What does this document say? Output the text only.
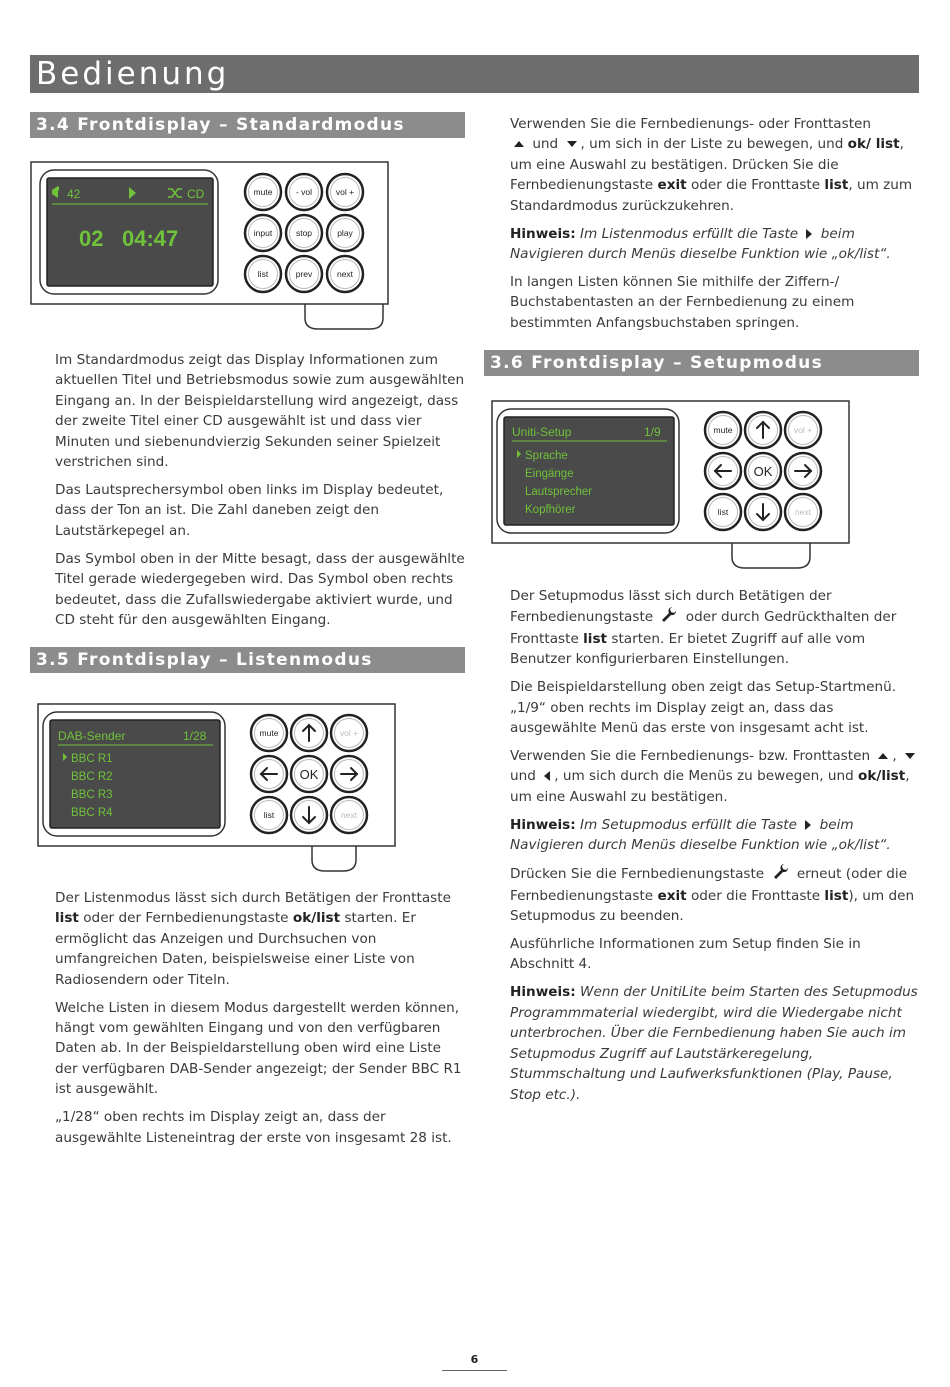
Bedienung
3.4 Frontdisplay – Standardmodus
3.5 Frontdisplay – Listenmodus
3.6 Frontdisplay – Setupmodus
42	CD
02 04:47
mute	- vol	vol +
input	stop	play
list	prev	next
DAB-Sender	1/28
BBC R1
BBC R2
BBC R3
BBC R4
mute	vol +
OK
list	next
Uniti-Setup	1/9
Sprache
Eingänge
Lautsprecher
Kopfhörer
mute	vol +
OK
list	next

Im Standardmodus zeigt das Display Informationen zum aktuellen Titel und Betriebsmodus sowie zum ausgewählten Eingang an. In der Beispieldarstellung wird angezeigt, dass der zweite Titel einer CD ausgewählt ist und dass vier Minuten und siebenundvierzig Sekunden seiner Spielzeit verstrichen sind.

Das Lautsprechersymbol oben links im Display bedeutet, dass der Ton an ist. Die Zahl daneben zeigt den Lautstärkepegel an.

Das Symbol oben in der Mitte besagt, dass der ausgewählte Titel gerade wiedergegeben wird. Das Symbol oben rechts bedeutet, dass die Zufallswiedergabe aktiviert wurde, und CD steht für den ausgewählten Eingang.

Der Listenmodus lässt sich durch Betätigen der Fronttaste list oder der Fernbedienungstaste ok/list starten. Er ermöglicht das Anzeigen und Durchsuchen von umfangreichen Daten, beispielsweise einer Liste von Radiosendern oder Titeln.

Welche Listen in diesem Modus dargestellt werden können, hängt vom gewählten Eingang und von den verfügbaren Daten ab. In der Beispieldarstellung oben wird eine Liste der verfügbaren DAB-Sender angezeigt; der Sender BBC R1 ist ausgewählt.

„1/28“ oben rechts im Display zeigt an, dass der ausgewählte Listeneintrag der erste von insgesamt 28 ist.

Verwenden Sie die Fernbedienungs- oder Fronttasten
und , um sich in der Liste zu bewegen, und ok/ list, um eine Auswahl zu bestätigen. Drücken Sie die Fernbedienungstaste exit oder die Fronttaste list, um zum Standardmodus zurückzukehren.

Hinweis: Im Listenmodus erfüllt die Taste  beim Navigieren durch Menüs dieselbe Funktion wie „ok/list“.

In langen Listen können Sie mithilfe der Ziffern-/ Buchstabentasten an der Fernbedienung zu einem bestimmten Anfangsbuchstaben springen.

Der Setupmodus lässt sich durch Betätigen der Fernbedienungstaste  oder durch Gedrückthalten der Fronttaste list starten. Er bietet Zugriff auf alle vom Benutzer konfigurierbaren Einstellungen.

Die Beispieldarstellung oben zeigt das Setup-Startmenü. „1/9“ oben rechts im Display zeigt an, dass das ausgewählte Menü das erste von insgesamt acht ist.

Verwenden Sie die Fernbedienungs- bzw. Fronttasten ,
und , um sich durch die Menüs zu bewegen, und ok/list, um eine Auswahl zu bestätigen.

Hinweis: Im Setupmodus erfüllt die Taste  beim Navigieren durch Menüs dieselbe Funktion wie „ok/list“.

Drücken Sie die Fernbedienungstaste  erneut (oder die Fernbedienungstaste exit oder die Fronttaste list), um den Setupmodus zu beenden.

Ausführliche Informationen zum Setup finden Sie in Abschnitt 4.

Hinweis: Wenn der UnitiLite beim Starten des Setupmodus Programmmaterial wiedergibt, wird die Wiedergabe nicht unterbrochen. Über die Fernbedienung haben Sie auch im Setupmodus Zugriff auf Lautstärkeregelung, Stummschaltung und Laufwerksfunktionen (Play, Pause, Stop etc.).

6
